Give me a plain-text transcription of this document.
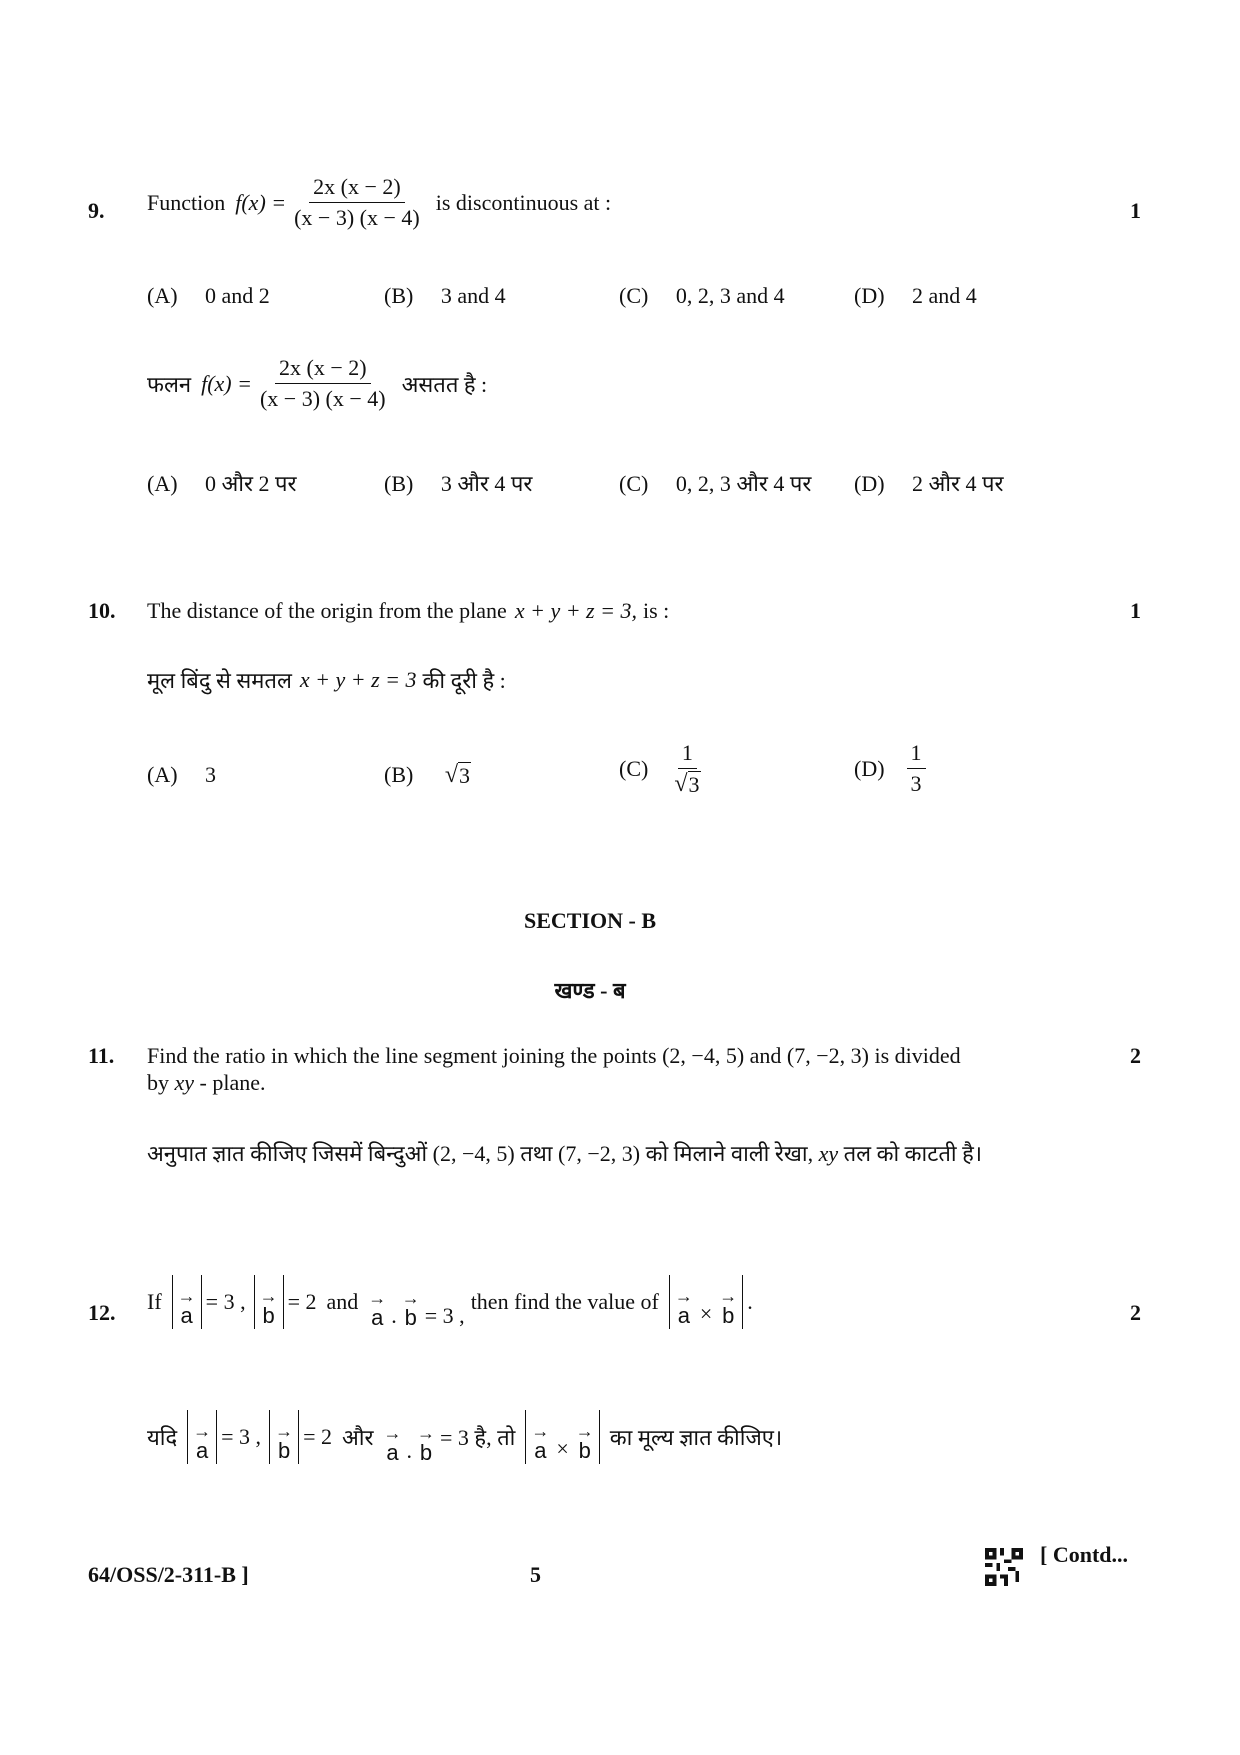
9. Function $f(x) = \frac{2x (x - 2)}{(x - 3) (x - 4)}$ is discontinuous at :	1
(A) 0 and 2	(B) 3 and 4	(C) 0, 2, 3 and 4	(D) 2 and 4
फलन $f(x) = \frac{2x (x - 2)}{(x - 3) (x - 4)}$ असतत है :
(A) 0 और 2 पर	(B) 3 और 4 पर	(C) 0, 2, 3 और 4 पर (D) 2 और 4 पर
10. The distance of the origin from the plane x + y + z = 3, is :	1
मूल बिंदु से समतल x + y + z = 3 की दूरी है :
(A) 3	(B) √ 3	$(C) \frac{1}{√ 3}$	$(D) \frac{1}{3}$
SECTION - B
खण्ड - ब
11. Find the ratio in which the line segment joining the points (2, −4, 5) and (7, −2, 3) is divided
by xy - plane.
2
अनुपात ज्ञात कीजिए जिसमें बिन्दुओं (2, −4, 5) तथा (7, −2, 3) को मिलाने वाली रेखा, xy तल को काटती है।
12. If →
a
= 3 , →
b
= 2 and →
a .
→
b = 3 ,
then find the value of →
a ×
→
b
.	2
यदि →
a
= 3 , →
b
= 2 और →
a .
→
b
= 3 है, तो →
a ×
→
b
का मूल्य ज्ञात कीजिए।
64/OSS/2-311-B ]	5
[ Contd...
